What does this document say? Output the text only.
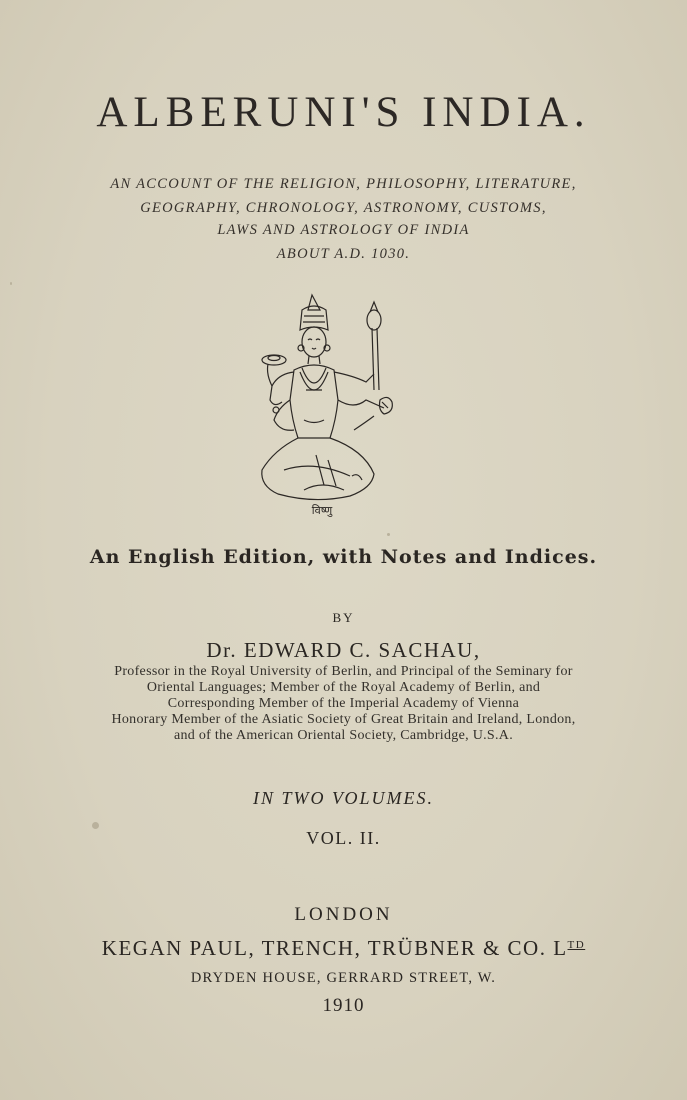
ALBERUNI'S INDIA.
AN ACCOUNT OF THE RELIGION, PHILOSOPHY, LITERATURE,
GEOGRAPHY, CHRONOLOGY, ASTRONOMY, CUSTOMS,
LAWS AND ASTROLOGY OF INDIA
ABOUT A.D. 1030.
विष्णु
An English Edition, with Notes and Indices.
BY
Dr. EDWARD C. SACHAU,
Professor in the Royal University of Berlin, and Principal of the Seminary for
Oriental Languages; Member of the Royal Academy of Berlin, and
Corresponding Member of the Imperial Academy of Vienna
Honorary Member of the Asiatic Society of Great Britain and Ireland, London,
and of the American Oriental Society, Cambridge, U.S.A.
IN TWO VOLUMES.
VOL. II.
LONDON
KEGAN PAUL, TRENCH, TRÜBNER & CO. $L^{TD}$
DRYDEN HOUSE, GERRARD STREET, W.
1910
